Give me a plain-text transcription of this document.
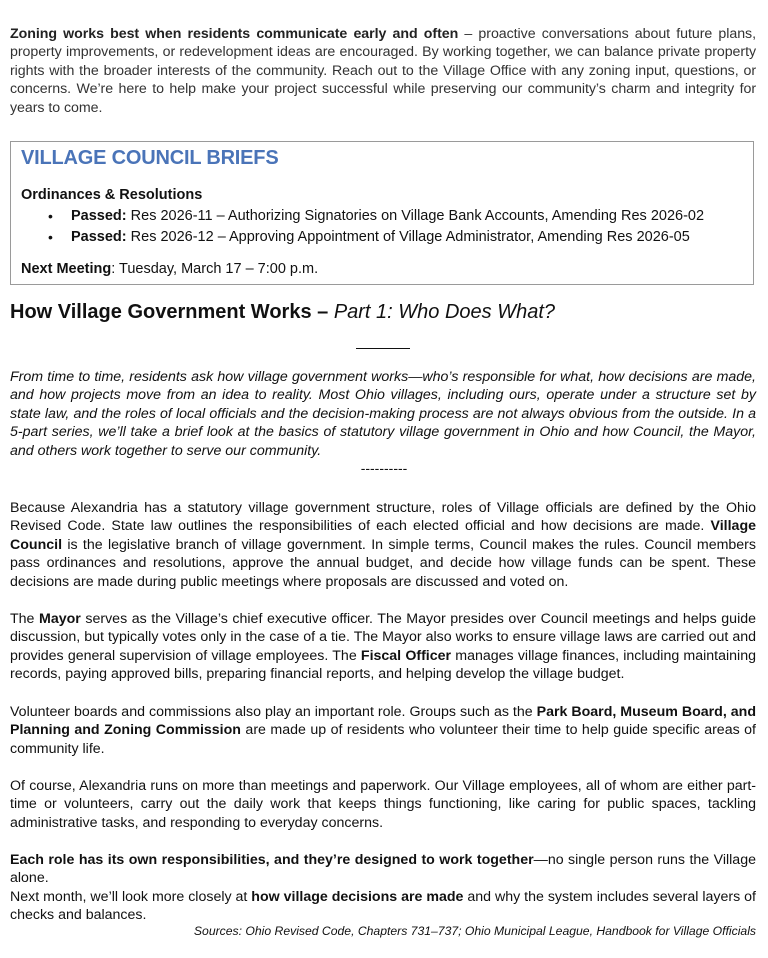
Zoning works best when residents communicate early and often – proactive conversations about future plans, property improvements, or redevelopment ideas are encouraged. By working together, we can balance private property rights with the broader interests of the community. Reach out to the Village Office with any zoning input, questions, or concerns. We’re here to help make your project successful while preserving our community’s charm and integrity for years to come.

VILLAGE COUNCIL BRIEFS
Ordinances & Resolutions
• Passed: Res 2026-11 – Authorizing Signatories on Village Bank Accounts, Amending Res 2026-02
• Passed: Res 2026-12 – Approving Appointment of Village Administrator, Amending Res 2026-05
Next Meeting: Tuesday, March 17 – 7:00 p.m.
How Village Government Works – Part 1: Who Does What?

From time to time, residents ask how village government works—who’s responsible for what, how decisions are made, and how projects move from an idea to reality. Most Ohio villages, including ours, operate under a structure set by state law, and the roles of local officials and the decision-making process are not always obvious from the outside. In a 5-part series, we’ll take a brief look at the basics of statutory village government in Ohio and how Council, the Mayor, and others work together to serve our community.

----------

Because Alexandria has a statutory village government structure, roles of Village officials are defined by the Ohio Revised Code. State law outlines the responsibilities of each elected official and how decisions are made. Village Council is the legislative branch of village government. In simple terms, Council makes the rules. Council members pass ordinances and resolutions, approve the annual budget, and decide how village funds can be spent. These decisions are made during public meetings where proposals are discussed and voted on.

The Mayor serves as the Village’s chief executive officer. The Mayor presides over Council meetings and helps guide discussion, but typically votes only in the case of a tie. The Mayor also works to ensure village laws are carried out and provides general supervision of village employees. The Fiscal Officer manages village finances, including maintaining records, paying approved bills, preparing financial reports, and helping develop the village budget.

Volunteer boards and commissions also play an important role. Groups such as the Park Board, Museum Board, and Planning and Zoning Commission are made up of residents who volunteer their time to help guide specific areas of community life.

Of course, Alexandria runs on more than meetings and paperwork. Our Village employees, all of whom are either part-time or volunteers, carry out the daily work that keeps things functioning, like caring for public spaces, tackling administrative tasks, and responding to everyday concerns.

Each role has its own responsibilities, and they’re designed to work together—no single person runs the Village alone.

Next month, we’ll look more closely at how village decisions are made and why the system includes several layers of checks and balances.

Sources: Ohio Revised Code, Chapters 731–737; Ohio Municipal League, Handbook for Village Officials
